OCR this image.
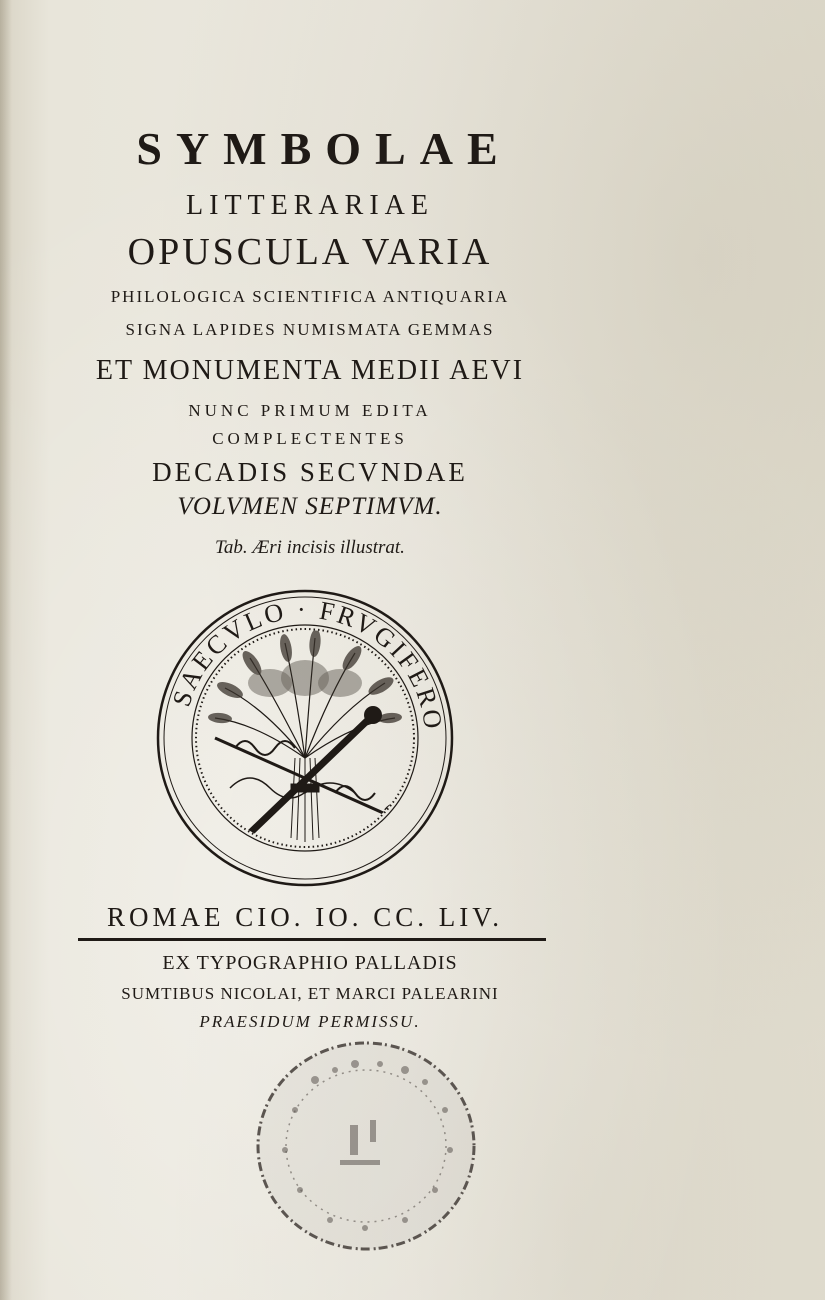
SYMBOLAE

LITTERARIAE

OPUSCULA VARIA

PHILOLOGICA SCIENTIFICA ANTIQUARIA

SIGNA LAPIDES NUMISMATA GEMMAS

ET MONUMENTA MEDII AEVI

NUNC PRIMUM EDITA

COMPLECTENTES

DECADIS SECVNDAE

VOLVMEN SEPTIMVM.

Tab. Æri incisis illustrat.

SAECVLO · FRVGIFERO

ROMAE CIO. IO. CC. LIV.

EX TYPOGRAPHIO PALLADIS

SUMTIBUS NICOLAI, ET MARCI PALEARINI

PRAESIDUM PERMISSU.
